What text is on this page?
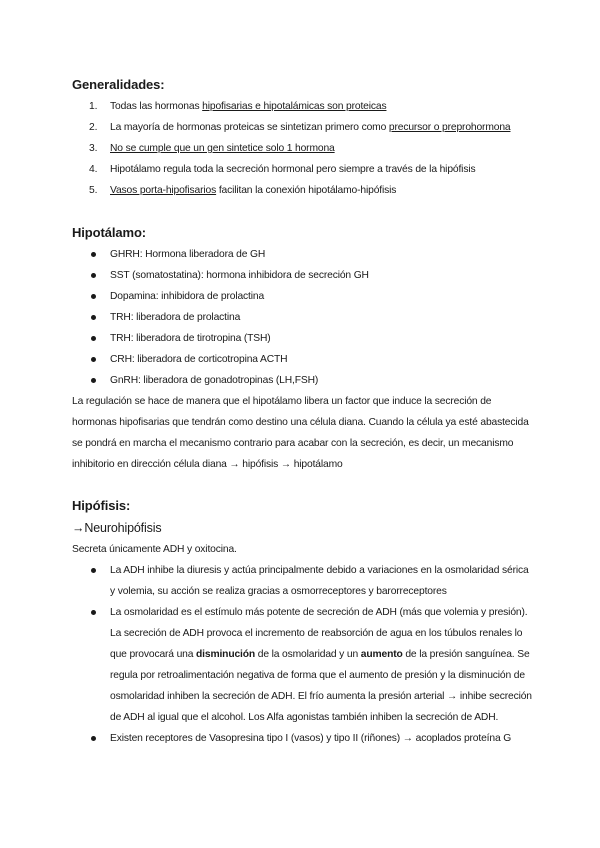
Generalidades:
1. Todas las hormonas hipofisarias e hipotalámicas son proteicas
2. La mayoría de hormonas proteicas se sintetizan primero como precursor o preprohormona
3. No se cumple que un gen sintetice solo 1 hormona
4. Hipotálamo regula toda la secreción hormonal pero siempre a través de la hipófisis
5. Vasos porta-hipofisarios facilitan la conexión hipotálamo-hipófisis
Hipotálamo:
GHRH: Hormona liberadora de GH
SST (somatostatina): hormona inhibidora de secreción GH
Dopamina: inhibidora de prolactina
TRH: liberadora de prolactina
TRH: liberadora de tirotropina (TSH)
CRH: liberadora de corticotropina ACTH
GnRH: liberadora de gonadotropinas (LH,FSH)

La regulación se hace de manera que el hipotálamo libera un factor que induce la secreción de hormonas hipofisarias que tendrán como destino una célula diana. Cuando la célula ya esté abastecida se pondrá en marcha el mecanismo contrario para acabar con la secreción, es decir, un mecanismo inhibitorio en dirección célula diana → hipófisis → hipotálamo

Hipófisis:

→Neurohipófisis

Secreta únicamente ADH y oxitocina.

La ADH inhibe la diuresis y actúa principalmente debido a variaciones en la osmolaridad sérica y volemia, su acción se realiza gracias a osmorreceptores y barorreceptores
La osmolaridad es el estímulo más potente de secreción de ADH (más que volemia y presión). La secreción de ADH provoca el incremento de reabsorción de agua en los túbulos renales lo que provocará una disminución de la osmolaridad y un aumento de la presión sanguínea. Se regula por retroalimentación negativa de forma que el aumento de presión y la disminución de osmolaridad inhiben la secreción de ADH. El frío aumenta la presión arterial → inhibe secreción de ADH al igual que el alcohol. Los Alfa agonistas también inhiben la secreción de ADH.
Existen receptores de Vasopresina tipo I (vasos) y tipo II (riñones) → acoplados proteína G
